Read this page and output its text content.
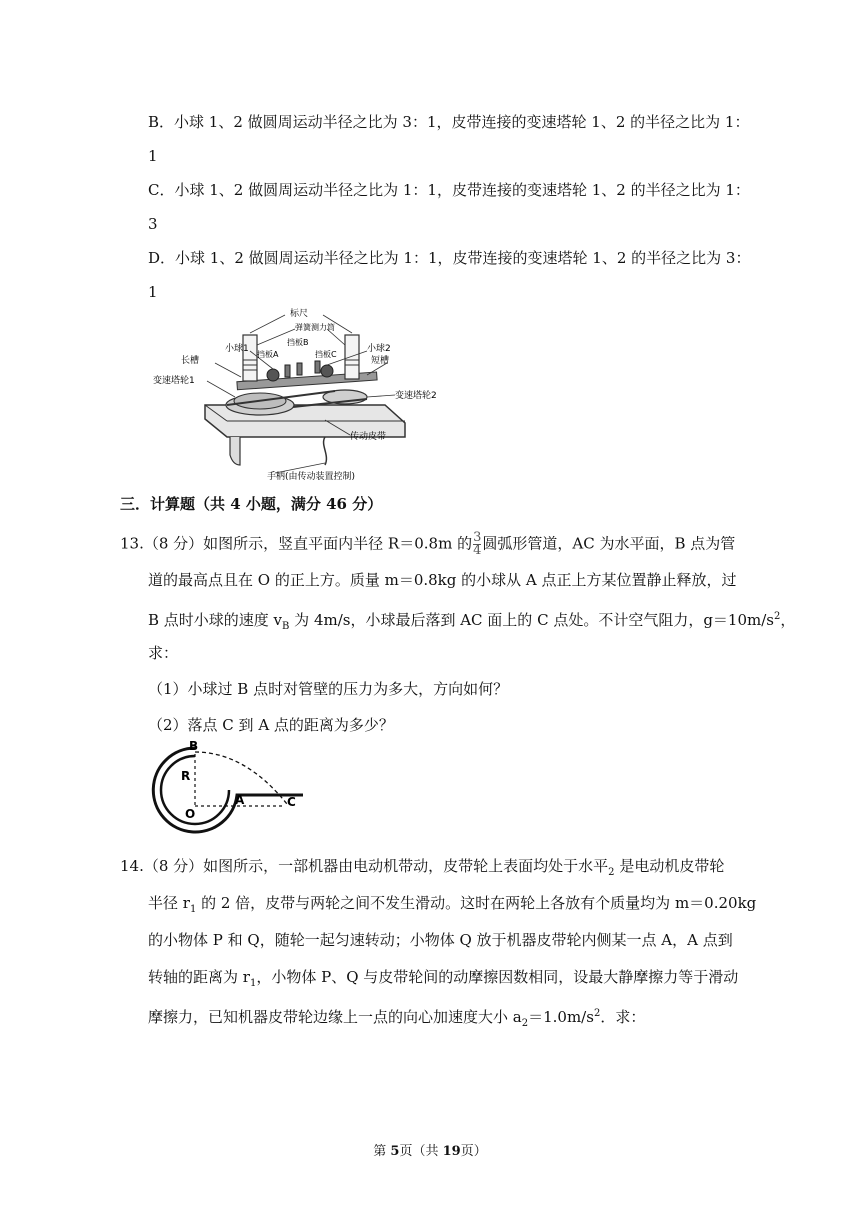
B．小球 1、2 做圆周运动半径之比为 3：1，皮带连接的变速塔轮 1、2 的半径之比为 1：
1
C．小球 1、2 做圆周运动半径之比为 1：1，皮带连接的变速塔轮 1、2 的半径之比为 1：
3
D．小球 1、2 做圆周运动半径之比为 1：1，皮带连接的变速塔轮 1、2 的半径之比为 3：
1
标尺
弹簧测力筒
小球1
挡板B
小球2
长槽
挡板A	挡板C
短槽
变速塔轮1
变速塔轮2
传动皮带
手柄(由传动装置控制)
三．计算题（共 4 小题，满分 46 分）
13.（8 分）如图所示，竖直平面内半径 R＝0.8m 的 $\frac{3}{4}$ 圆弧形管道，AC 为水平面，B 点为管
道的最高点且在 O 的正上方。质量 m＝0.8kg 的小球从 A 点正上方某位置静止释放，过
B 点时小球的速度 $v_B$ 为 4m/s，小球最后落到 AC 面上的 C 点处。不计空气阻力，$g=10m/s^2$，
求：
（1）小球过 B 点时对管壁的压力为多大，方向如何？
（2）落点 C 到 A 点的距离为多少？
B
R
O
A	C
14.（8 分）如图所示，一部机器由电动机带动，皮带轮上表面均处于水平$_2$ 是电动机皮带轮
半径 $r_1$ 的 2 倍，皮带与两轮之间不发生滑动。这时在两轮上各放有个质量均为 m＝0.20kg
的小物体 P 和 Q，随轮一起匀速转动；小物体 Q 放于机器皮带轮内侧某一点 A，A 点到
转轴的距离为 $r_1$，小物体 P、Q 与皮带轮间的动摩擦因数相同，设最大静摩擦力等于滑动
摩擦力，已知机器皮带轮边缘上一点的向心加速度大小 $a_2=1.0m/s^2$．求：
第 5页（共 19页）
